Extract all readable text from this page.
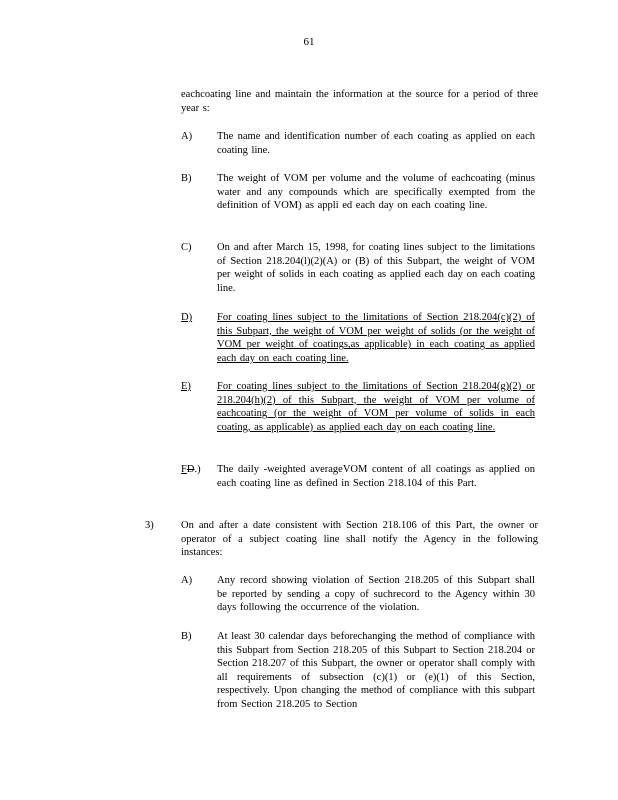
61
eachcoating line and maintain the information at the source for a period of three year s:
A) The name and identification number of each coating as applied on each coating line.
B) The weight of VOM per volume and the volume of eachcoating (minus water and any compounds which are specifically exempted from the definition of VOM) as appli ed each day on each coating line.
C) On and after March 15, 1998, for coating lines subject to the limitations of Section 218.204(l)(2)(A) or (B) of this Subpart, the weight of VOM per weight of solids in each coating as applied each day on each coating line.
D) For coating lines subject to the limitations of Section 218.204(c)(2) of this Subpart, the weight of VOM per weight of solids (or the weight of VOM per weight of coatings,as applicable) in each coating as applied each day on each coating line.
E) For coating lines subject to the limitations of Section 218.204(g)(2) or 218.204(h)(2) of this Subpart, the weight of VOM per volume of eachcoating (or the weight of VOM per volume of solids in each coating, as applicable) as applied each day on each coating line.
FD.) The daily -weighted averageVOM content of all coatings as applied on each coating line as defined in Section 218.104 of this Part.
3)	On and after a date consistent with Section 218.106 of this Part, the owner or operator of a subject coating line shall notify the Agency in the following instances:
A) Any record showing violation of Section 218.205 of this Subpart shall be reported by sending a copy of suchrecord to the Agency within 30 days following the occurrence of the violation.
B) At least 30 calendar days beforechanging the method of compliance with this Subpart from Section 218.205 of this Subpart to Section 218.204 or Section 218.207 of this Subpart, the owner or operator shall comply with all requirements of subsection (c)(1) or (e)(1) of this Section, respectively. Upon changing the method of compliance with this subpart from Section 218.205 to Section
